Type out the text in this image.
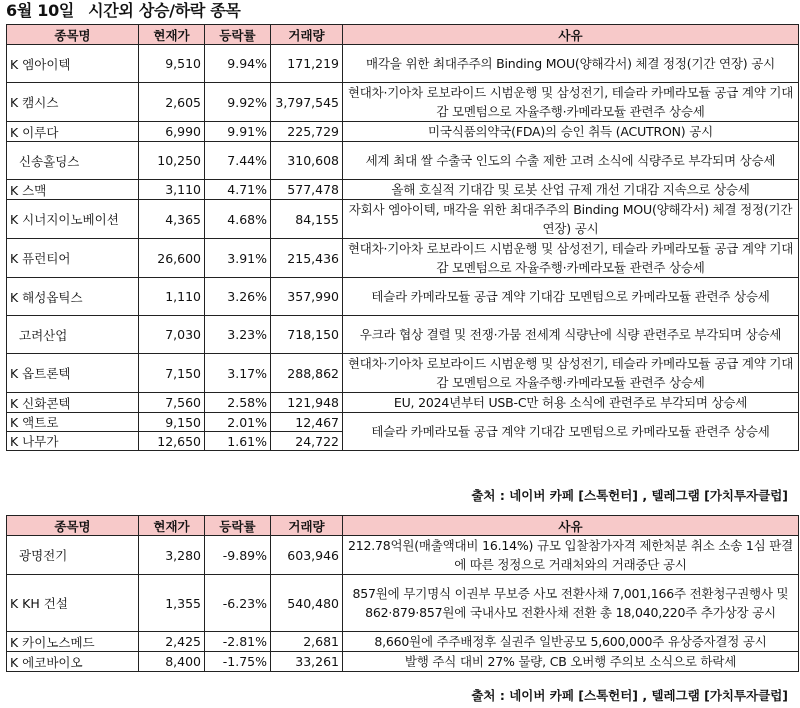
6월 10일 시간외 상승/하락 종목
종목명	현재가	등락률	거래량	사유
K 엠아이텍	9,510	9.94%	171,219	매각을 위한 최대주주의 Binding MOU(양해각서) 체결 정정(기간 연장) 공시
K 캠시스	2,605	9.92%	3,797,545	현대차·기아차 로보라이드 시범운행 및 삼성전기, 테슬라 카메라모듈 공급 계약 기대감 모멘텀으로 자율주행·카메라모듈 관련주 상승세
K 이루다	6,990	9.91%	225,729	미국식품의약국(FDA)의 승인 취득 (ACUTRON) 공시
신송홀딩스	10,250	7.44%	310,608	세계 최대 쌀 수출국 인도의 수출 제한 고려 소식에 식량주로 부각되며 상승세
K 스맥	3,110	4.71%	577,478	올해 호실적 기대감 및 로봇 산업 규제 개선 기대감 지속으로 상승세
K 시너지이노베이션	4,365	4.68%	84,155	자회사 엠아이텍, 매각을 위한 최대주주의 Binding MOU(양해각서) 체결 정정(기간 연장) 공시
K 퓨런티어	26,600	3.91%	215,436	현대차·기아차 로보라이드 시범운행 및 삼성전기, 테슬라 카메라모듈 공급 계약 기대감 모멘텀으로 자율주행·카메라모듈 관련주 상승세
K 해성옵틱스	1,110	3.26%	357,990	테슬라 카메라모듈 공급 계약 기대감 모멘텀으로 카메라모듈 관련주 상승세
고려산업	7,030	3.23%	718,150	우크라 협상 결렬 및 전쟁·가뭄 전세계 식량난에 식량 관련주로 부각되며 상승세
K 옵트론텍	7,150	3.17%	288,862	현대차·기아차 로보라이드 시범운행 및 삼성전기, 테슬라 카메라모듈 공급 계약 기대감 모멘텀으로 자율주행·카메라모듈 관련주 상승세
K 신화콘텍	7,560	2.58%	121,948	EU, 2024년부터 USB-C만 허용 소식에 관련주로 부각되며 상승세
K 액트로	9,150	2.01%	12,467	테슬라 카메라모듈 공급 계약 기대감 모멘텀으로 카메라모듈 관련주 상승세
K 나무가	12,650	1.61%	24,722	
출처 : 네이버 카페 [스톡헌터] , 텔레그램 [가치투자클럽]
종목명	현재가	등락률	거래량	사유
광명전기	3,280	-9.89%	603,946	212.78억원(매출액대비 16.14%) 규모 입찰참가자격 제한처분 취소 소송 1심 판결에 따른 정정으로 거래처와의 거래중단 공시
K KH 건설	1,355	-6.23%	540,480	857원에 무기명식 이권부 무보증 사모 전환사채 7,001,166주 전환청구권행사 및 862·879·857원에 국내사모 전환사채 전환 총 18,040,220주 추가상장 공시
K 카이노스메드	2,425	-2.81%	2,681	8,660원에 주주배정후 실권주 일반공모 5,600,000주 유상증자결정 공시
K 에코바이오	8,400	-1.75%	33,261	발행 주식 대비 27% 물량, CB 오버행 주의보 소식으로 하락세
출처 : 네이버 카페 [스톡헌터] , 텔레그램 [가치투자클럽]
